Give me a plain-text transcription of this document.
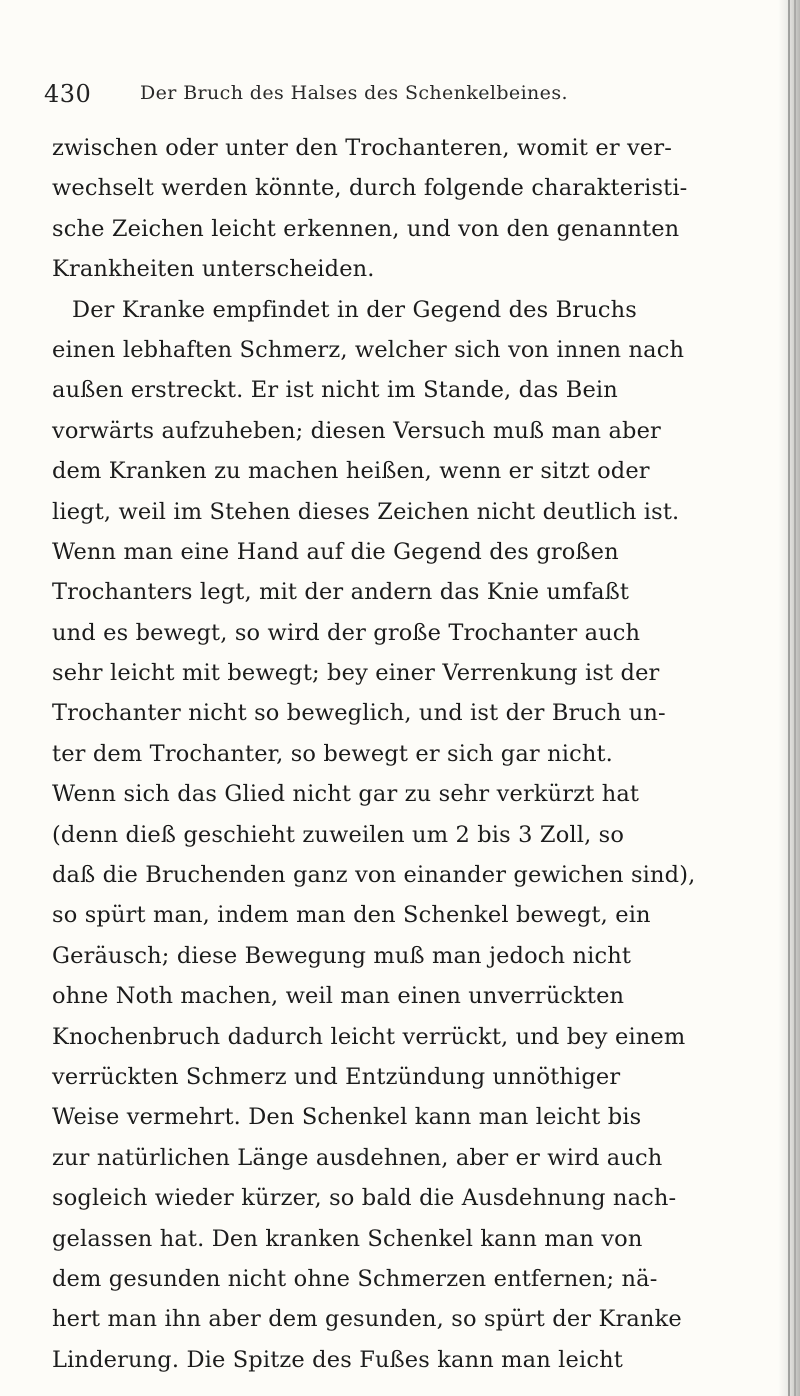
430	Der Bruch des Halses des Schenkelbeines.
zwischen oder unter den Trochanteren, womit er ver-
wechselt werden könnte, durch folgende charakteristi-
sche Zeichen leicht erkennen, und von den genannten
Krankheiten unterscheiden.
Der Kranke empfindet in der Gegend des Bruchs
einen lebhaften Schmerz, welcher sich von innen nach
außen erstreckt. Er ist nicht im Stande, das Bein
vorwärts aufzuheben; diesen Versuch muß man aber
dem Kranken zu machen heißen, wenn er sitzt oder
liegt, weil im Stehen dieses Zeichen nicht deutlich ist.
Wenn man eine Hand auf die Gegend des großen
Trochanters legt, mit der andern das Knie umfaßt
und es bewegt, so wird der große Trochanter auch
sehr leicht mit bewegt; bey einer Verrenkung ist der
Trochanter nicht so beweglich, und ist der Bruch un-
ter dem Trochanter, so bewegt er sich gar nicht.
Wenn sich das Glied nicht gar zu sehr verkürzt hat
(denn dieß geschieht zuweilen um 2 bis 3 Zoll, so
daß die Bruchenden ganz von einander gewichen sind),
so spürt man, indem man den Schenkel bewegt, ein
Geräusch; diese Bewegung muß man jedoch nicht
ohne Noth machen, weil man einen unverrückten
Knochenbruch dadurch leicht verrückt, und bey einem
verrückten Schmerz und Entzündung unnöthiger
Weise vermehrt. Den Schenkel kann man leicht bis
zur natürlichen Länge ausdehnen, aber er wird auch
sogleich wieder kürzer, so bald die Ausdehnung nach-
gelassen hat. Den kranken Schenkel kann man von
dem gesunden nicht ohne Schmerzen entfernen; nä-
hert man ihn aber dem gesunden, so spürt der Kranke
Linderung. Die Spitze des Fußes kann man leicht
